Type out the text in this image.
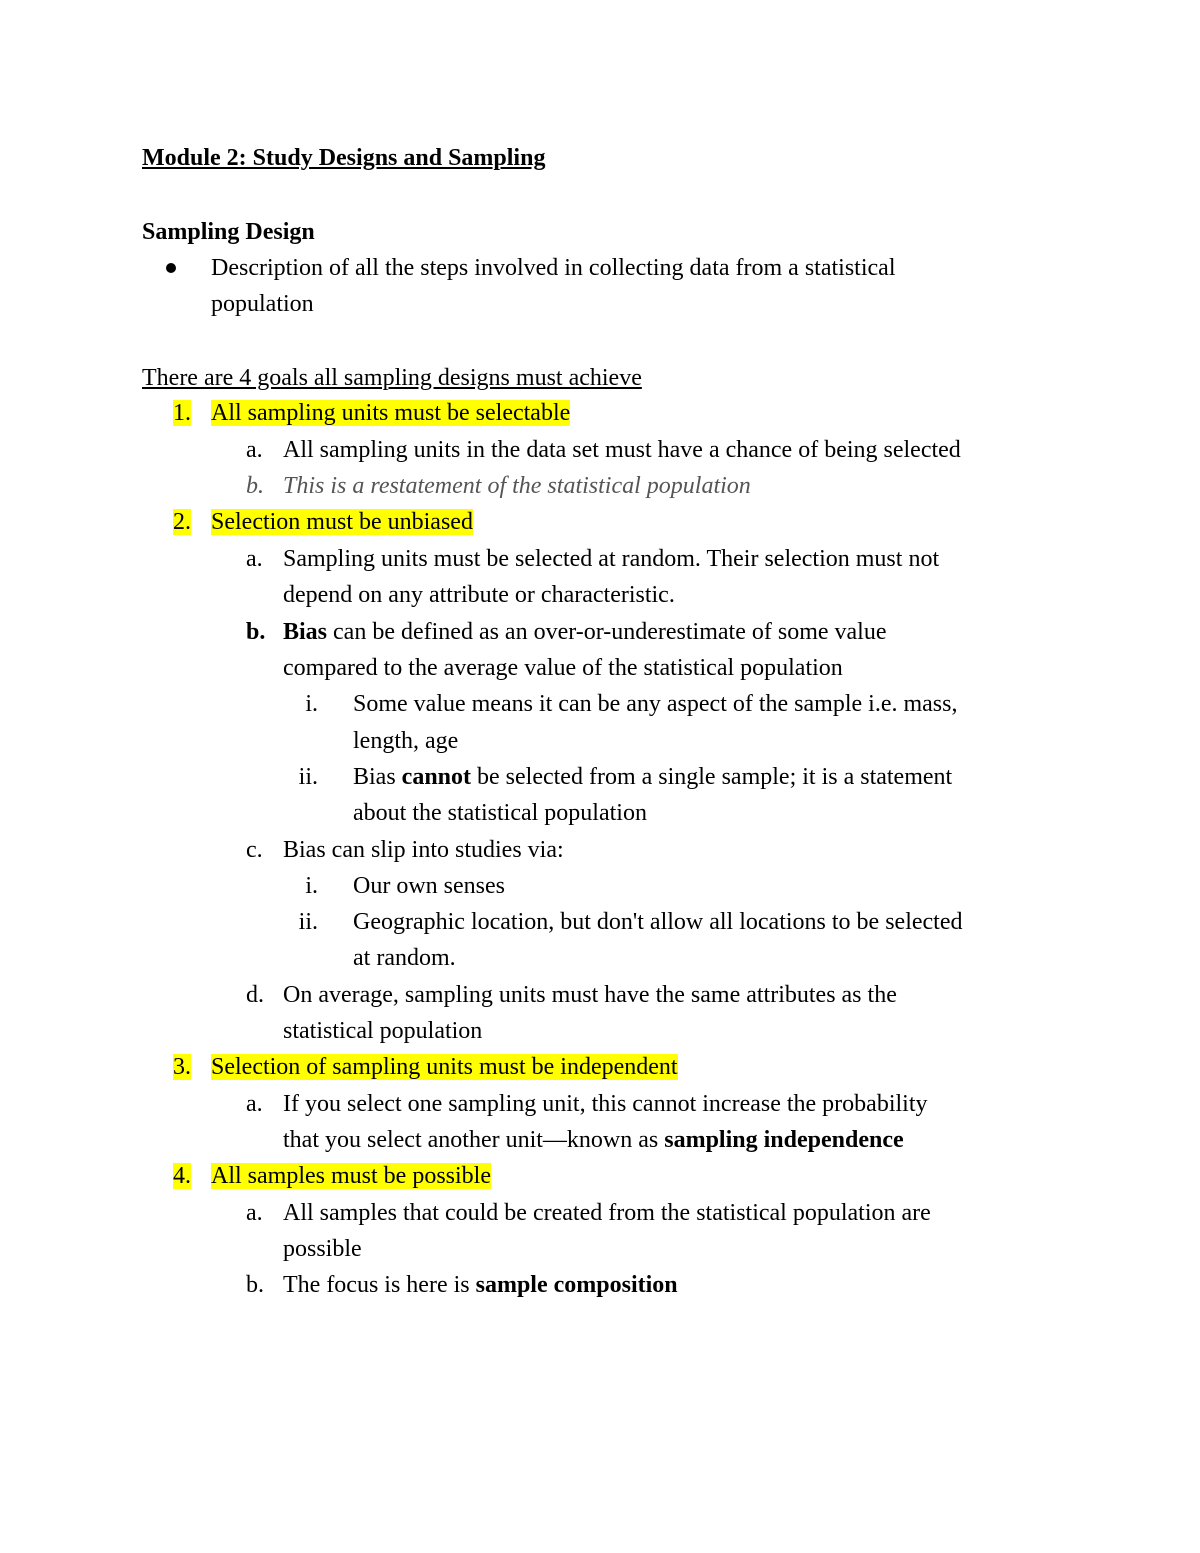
Module 2: Study Designs and Sampling
Sampling Design
Description of all the steps involved in collecting data from a statistical
population
There are 4 goals all sampling designs must achieve
1. All sampling units must be selectable
a. All sampling units in the data set must have a chance of being selected
b. This is a restatement of the statistical population
2. Selection must be unbiased
a. Sampling units must be selected at random. Their selection must not
depend on any attribute or characteristic.
b. Bias can be defined as an over-or-underestimate of some value
compared to the average value of the statistical population
i. Some value means it can be any aspect of the sample i.e. mass,
length, age
ii. Bias cannot be selected from a single sample; it is a statement
about the statistical population
c. Bias can slip into studies via:
i. Our own senses
ii. Geographic location, but don't allow all locations to be selected
at random.
d. On average, sampling units must have the same attributes as the
statistical population
3. Selection of sampling units must be independent
a. If you select one sampling unit, this cannot increase the probability
that you select another unit—known as sampling independence
4. All samples must be possible
a. All samples that could be created from the statistical population are
possible
b. The focus is here is sample composition
